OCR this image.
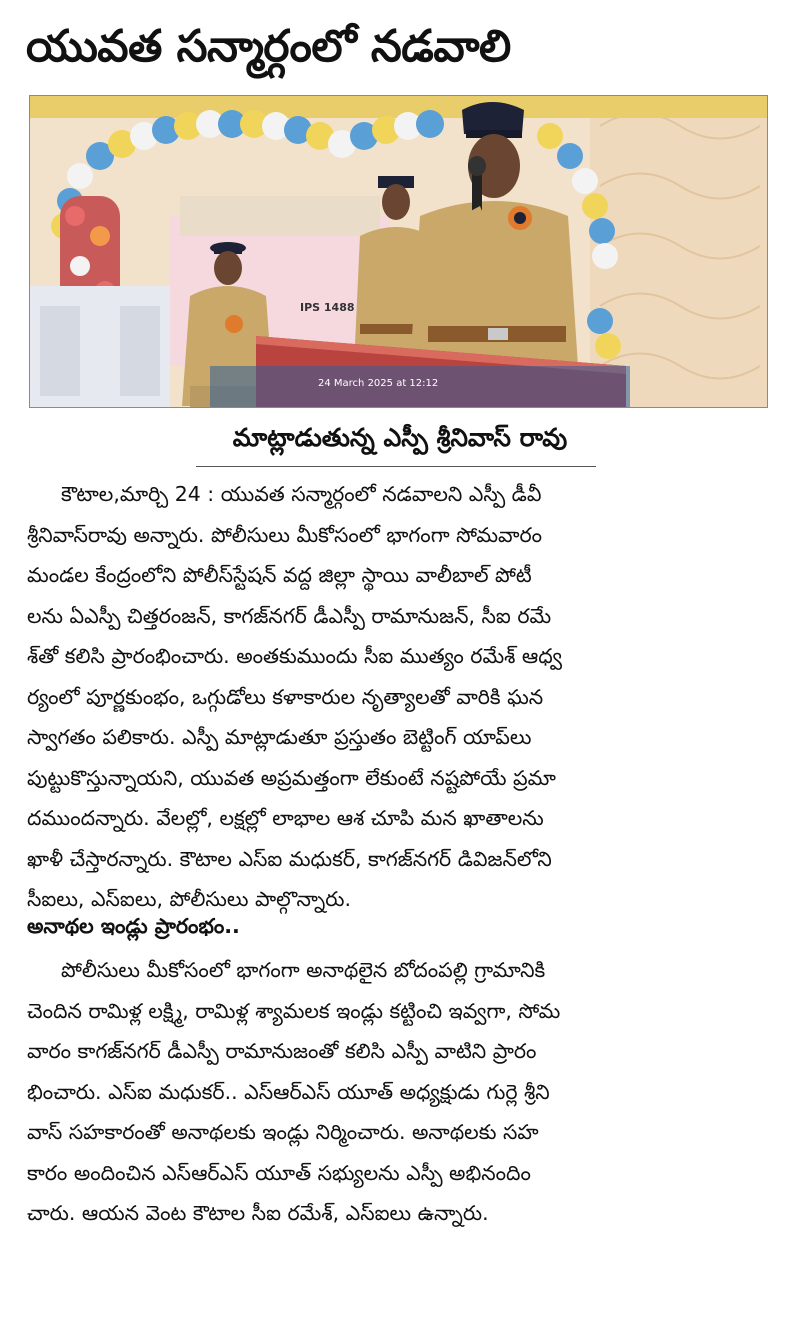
యువత సన్మార్గంలో నడవాలి
IPS 1488
24 March 2025 at 12:12
మాట్లాడుతున్న ఎస్పీ శ్రీనివాస్ రావు
కౌటాల,మార్చి 24 : యువత సన్మార్గంలో నడవాలని ఎస్పీ డీవీ
శ్రీనివాస్‌రావు అన్నారు. పోలీసులు మీకోసంలో భాగంగా సోమవారం
మండల కేంద్రంలోని పోలీస్‌స్టేషన్ వద్ద జిల్లా స్థాయి వాలీబాల్ పోటీ
లను ఏఎస్పీ చిత్తరంజన్, కాగజ్‌నగర్ డీఎస్పీ రామానుజన్, సీఐ రమే
శ్‌తో కలిసి ప్రారంభించారు. అంతకుముందు సీఐ ముత్యం రమేశ్ ఆధ్వ
ర్యంలో పూర్ణకుంభం, ఒగ్గుడోలు కళాకారుల నృత్యాలతో వారికి ఘన
స్వాగతం పలికారు. ఎస్పీ మాట్లాడుతూ ప్రస్తుతం బెట్టింగ్ యాప్‌లు
పుట్టుకొస్తున్నాయని, యువత అప్రమత్తంగా లేకుంటే నష్టపోయే ప్రమా
దముందన్నారు. వేలల్లో, లక్షల్లో లాభాల ఆశ చూపి మన ఖాతాలను
ఖాళీ చేస్తారన్నారు. కౌటాల ఎస్ఐ మధుకర్, కాగజ్‌నగర్ డివిజన్‌లోని
సీఐలు, ఎస్ఐలు, పోలీసులు పాల్గొన్నారు.
అనాథల ఇండ్లు ప్రారంభం..
పోలీసులు మీకోసంలో భాగంగా అనాథలైన బోదంపల్లి గ్రామానికి
చెందిన రామిళ్ల లక్ష్మి, రామిళ్ల శ్యామలక ఇండ్లు కట్టించి ఇవ్వగా, సోమ
వారం కాగజ్‌నగర్ డీఎస్పీ రామానుజంతో కలిసి ఎస్పీ వాటిని ప్రారం
భించారు. ఎస్ఐ మధుకర్.. ఎస్ఆర్ఎస్ యూత్ అధ్యక్షుడు గుర్లె శ్రీని
వాస్ సహకారంతో అనాథలకు ఇండ్లు నిర్మించారు. అనాథలకు సహ
కారం అందించిన ఎస్ఆర్ఎస్ యూత్ సభ్యులను ఎస్పీ అభినందిం
చారు. ఆయన వెంట కౌటాల సీఐ రమేశ్, ఎస్ఐలు ఉన్నారు.
